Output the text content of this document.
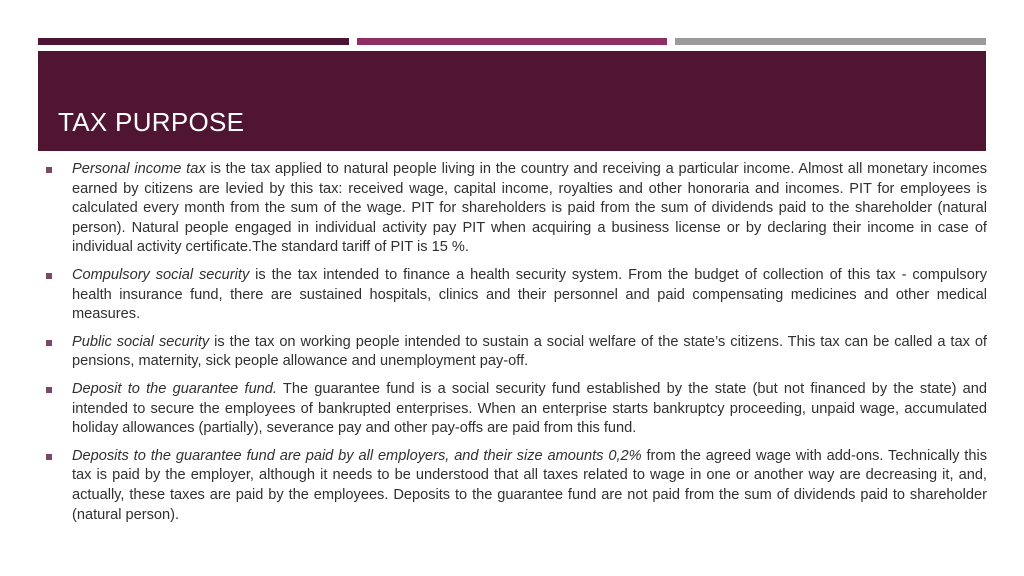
TAX PURPOSE
Personal income tax is the tax applied to natural people living in the country and receiving a particular income. Almost all monetary incomes earned by citizens are levied by this tax: received wage, capital income, royalties and other honoraria and incomes. PIT for employees is calculated every month from the sum of the wage. PIT for shareholders is paid from the sum of dividends paid to the shareholder (natural person). Natural people engaged in individual activity pay PIT when acquiring a business license or by declaring their income in case of individual activity certificate.The standard tariff of PIT is 15 %.
Compulsory social security is the tax intended to finance a health security system. From the budget of collection of this tax - compulsory health insurance fund, there are sustained hospitals, clinics and their personnel and paid compensating medicines and other medical measures.
Public social security is the tax on working people intended to sustain a social welfare of the state’s citizens. This tax can be called a tax of pensions, maternity, sick people allowance and unemployment pay-off.
Deposit to the guarantee fund. The guarantee fund is a social security fund established by the state (but not financed by the state) and intended to secure the employees of bankrupted enterprises. When an enterprise starts bankruptcy proceeding, unpaid wage, accumulated holiday allowances (partially), severance pay and other pay-offs are paid from this fund.
Deposits to the guarantee fund are paid by all employers, and their size amounts 0,2% from the agreed wage with add-ons. Technically this tax is paid by the employer, although it needs to be understood that all taxes related to wage in one or another way are decreasing it, and, actually, these taxes are paid by the employees. Deposits to the guarantee fund are not paid from the sum of dividends paid to shareholder (natural person).
